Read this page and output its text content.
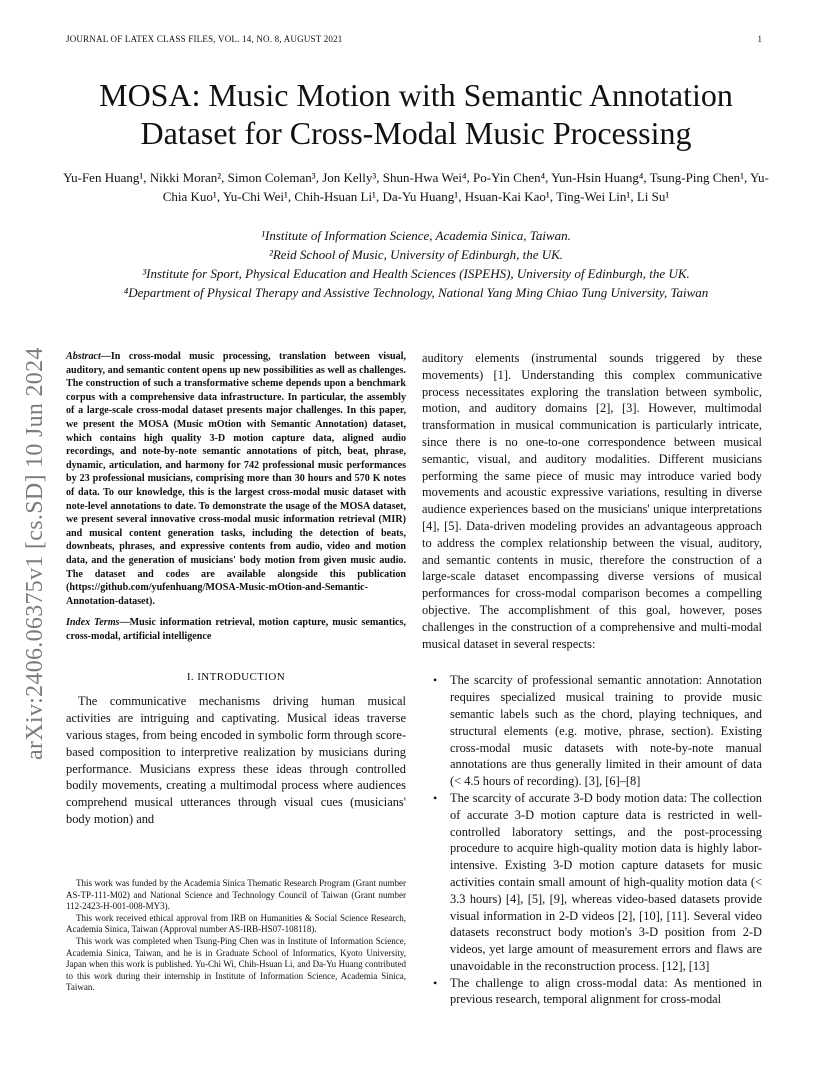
JOURNAL OF LATEX CLASS FILES, VOL. 14, NO. 8, AUGUST 2021	1
arXiv:2406.06375v1 [cs.SD] 10 Jun 2024
MOSA: Music Motion with Semantic Annotation Dataset for Cross-Modal Music Processing
Yu-Fen Huang¹, Nikki Moran², Simon Coleman³, Jon Kelly³, Shun-Hwa Wei⁴, Po-Yin Chen⁴, Yun-Hsin Huang⁴, Tsung-Ping Chen¹, Yu-Chia Kuo¹, Yu-Chi Wei¹, Chih-Hsuan Li¹, Da-Yu Huang¹, Hsuan-Kai Kao¹, Ting-Wei Lin¹, Li Su¹
¹Institute of Information Science, Academia Sinica, Taiwan.
²Reid School of Music, University of Edinburgh, the UK.
³Institute for Sport, Physical Education and Health Sciences (ISPEHS), University of Edinburgh, the UK.
⁴Department of Physical Therapy and Assistive Technology, National Yang Ming Chiao Tung University, Taiwan

Abstract—In cross-modal music processing, translation between visual, auditory, and semantic content opens up new possibilities as well as challenges. The construction of such a transformative scheme depends upon a benchmark corpus with a comprehensive data infrastructure. In particular, the assembly of a large-scale cross-modal dataset presents major challenges. In this paper, we present the MOSA (Music mOtion with Semantic Annotation) dataset, which contains high quality 3-D motion capture data, aligned audio recordings, and note-by-note semantic annotations of pitch, beat, phrase, dynamic, articulation, and harmony for 742 professional music performances by 23 professional musicians, comprising more than 30 hours and 570 K notes of data. To our knowledge, this is the largest cross-modal music dataset with note-level annotations to date. To demonstrate the usage of the MOSA dataset, we present several innovative cross-modal music information retrieval (MIR) and musical content generation tasks, including the detection of beats, downbeats, phrases, and expressive contents from audio, video and motion data, and the generation of musicians' body motion from given music audio. The dataset and codes are available alongside this publication (https://github.com/yufenhuang/MOSA-Music-mOtion-and-Semantic-Annotation-dataset).

Index Terms—Music information retrieval, motion capture, music semantics, cross-modal, artificial intelligence

I. INTRODUCTION

The communicative mechanisms driving human musical activities are intriguing and captivating. Musical ideas traverse various stages, from being encoded in symbolic form through score-based composition to interpretive realization by musicians during performance. Musicians express these ideas through controlled bodily movements, creating a multimodal process where audiences comprehend musical utterances through visual cues (musicians' body motion) and

This work was funded by the Academia Sinica Thematic Research Program (Grant number AS-TP-111-M02) and National Science and Technology Council of Taiwan (Grant number 112-2423-H-001-008-MY3).

This work received ethical approval from IRB on Humanities & Social Science Research, Academia Sinica, Taiwan (Approval number AS-IRB-HS07-108118).

This work was completed when Tsung-Ping Chen was in Institute of Information Science, Academia Sinica, Taiwan, and he is in Graduate School of Informatics, Kyoto University, Japan when this work is published. Yu-Chi Wi, Chih-Hsuan Li, and Da-Yu Huang contributed to this work during their internship in Institute of Information Science, Academia Sinica, Taiwan.

auditory elements (instrumental sounds triggered by these movements) [1]. Understanding this complex communicative process necessitates exploring the translation between symbolic, motion, and auditory domains [2], [3]. However, multimodal transformation in musical communication is particularly intricate, since there is no one-to-one correspondence between musical semantic, visual, and auditory modalities. Different musicians performing the same piece of music may introduce varied body movements and acoustic expressive variations, resulting in diverse audience experiences based on the musicians' unique interpretations [4], [5]. Data-driven modeling provides an advantageous approach to address the complex relationship between the visual, auditory, and semantic contents in music, therefore the construction of a large-scale dataset encompassing diverse versions of musical performances for cross-modal comparison becomes a compelling objective. The accomplishment of this goal, however, poses challenges in the construction of a comprehensive and multi-modal musical dataset in several respects:

• The scarcity of professional semantic annotation: Annotation requires specialized musical training to provide music semantic labels such as the chord, playing techniques, and structural elements (e.g. motive, phrase, section). Existing cross-modal music datasets with note-by-note manual annotations are thus generally limited in their amount of data (< 4.5 hours of recording). [3], [6]–[8]
• The scarcity of accurate 3-D body motion data: The collection of accurate 3-D motion capture data is restricted in well-controlled laboratory settings, and the post-processing procedure to acquire high-quality motion data is highly labor-intensive. Existing 3-D motion capture datasets for music activities contain small amount of high-quality motion data (< 3.3 hours) [4], [5], [9], whereas video-based datasets provide visual information in 2-D videos [2], [10], [11]. Several video datasets reconstruct body motion's 3-D position from 2-D videos, yet large amount of measurement errors and flaws are unavoidable in the reconstruction process. [12], [13]
• The challenge to align cross-modal data: As mentioned in previous research, temporal alignment for cross-modal
